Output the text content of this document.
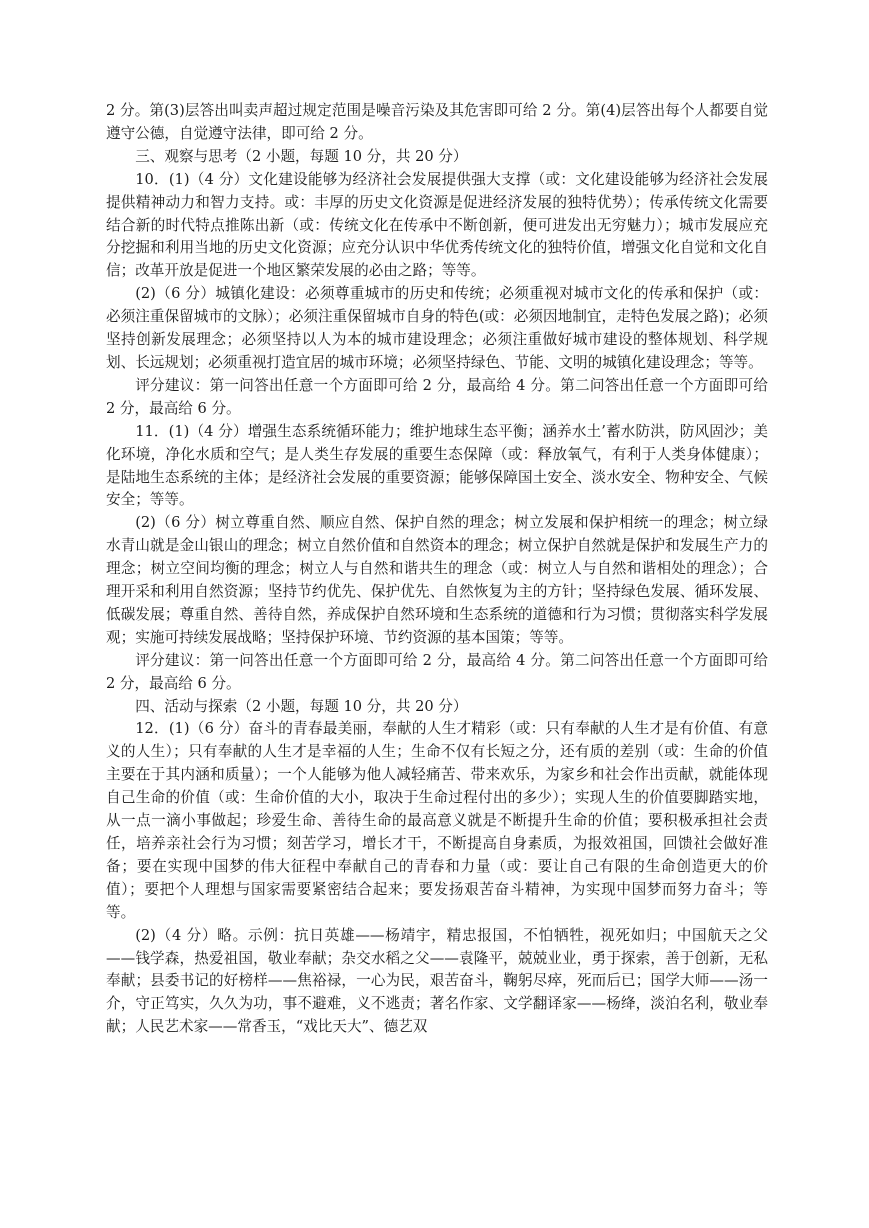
2 分。第(3)层答出叫卖声超过规定范围是噪音污染及其危害即可给 2 分。第(4)层答出每个人都要自觉遵守公德，自觉遵守法律，即可给 2 分。

三、观察与思考（2 小题，每题 10 分，共 20 分）

10．(1)（4 分）文化建设能够为经济社会发展提供强大支撑（或：文化建设能够为经济社会发展提供精神动力和智力支持。或：丰厚的历史文化资源是促进经济发展的独特优势）；传承传统文化需要结合新的时代特点推陈出新（或：传统文化在传承中不断创新，便可进发出无穷魅力）；城市发展应充分挖掘和利用当地的历史文化资源；应充分认识中华优秀传统文化的独特价值，增强文化自觉和文化自信；改革开放是促进一个地区繁荣发展的必由之路；等等。

(2)（6 分）城镇化建设：必须尊重城市的历史和传统；必须重视对城市文化的传承和保护（或：必须注重保留城市的文脉）；必须注重保留城市自身的特色(或：必须因地制宜，走特色发展之路)；必须坚持创新发展理念；必须坚持以人为本的城市建设理念；必须注重做好城市建设的整体规划、科学规划、长远规划；必须重视打造宜居的城市环境；必须坚持绿色、节能、文明的城镇化建设理念；等等。

评分建议：第一问答出任意一个方面即可给 2 分，最高给 4 分。第二问答出任意一个方面即可给 2 分，最高给 6 分。

11．(1)（4 分）增强生态系统循环能力；维护地球生态平衡；涵养水土’蓄水防洪，防风固沙；美化环境，净化水质和空气；是人类生存发展的重要生态保障（或：释放氧气，有利于人类身体健康）；是陆地生态系统的主体；是经济社会发展的重要资源；能够保障国土安全、淡水安全、物种安全、气候安全；等等。

(2)（6 分）树立尊重自然、顺应自然、保护自然的理念；树立发展和保护相统一的理念；树立绿水青山就是金山银山的理念；树立自然价值和自然资本的理念；树立保护自然就是保护和发展生产力的理念；树立空间均衡的理念；树立人与自然和谐共生的理念（或：树立人与自然和谐相处的理念）；合理开采和利用自然资源；坚持节约优先、保护优先、自然恢复为主的方针；坚持绿色发展、循环发展、低碳发展；尊重自然、善待自然，养成保护自然环境和生态系统的道德和行为习惯；贯彻落实科学发展观；实施可持续发展战略；坚持保护环境、节约资源的基本国策；等等。

评分建议：第一问答出任意一个方面即可给 2 分，最高给 4 分。第二问答出任意一个方面即可给 2 分，最高给 6 分。

四、活动与探索（2 小题，每题 10 分，共 20 分）

12．(1)（6 分）奋斗的青春最美丽，奉献的人生才精彩（或：只有奉献的人生才是有价值、有意义的人生）；只有奉献的人生才是幸福的人生；生命不仅有长短之分，还有质的差别（或：生命的价值主要在于其内涵和质量）；一个人能够为他人减轻痛苦、带来欢乐，为家乡和社会作出贡献，就能体现自己生命的价值（或：生命价值的大小，取决于生命过程付出的多少）；实现人生的价值要脚踏实地，从一点一滴小事做起；珍爱生命、善待生命的最高意义就是不断提升生命的价值；要积极承担社会责任，培养亲社会行为习惯；刻苦学习，增长才干，不断提高自身素质，为报效祖国，回馈社会做好准备；要在实现中国梦的伟大征程中奉献自己的青春和力量（或：要让自己有限的生命创造更大的价值）；要把个人理想与国家需要紧密结合起来；要发扬艰苦奋斗精神，为实现中国梦而努力奋斗；等等。

(2)（4 分）略。示例：抗日英雄——杨靖宇，精忠报国，不怕牺牲，视死如归；中国航天之父——钱学森，热爱祖国，敬业奉献；杂交水稻之父——袁隆平，兢兢业业，勇于探索，善于创新，无私奉献；县委书记的好榜样——焦裕禄，一心为民，艰苦奋斗，鞠躬尽瘁，死而后已；国学大师——汤一介，守正笃实，久久为功，事不避难，义不逃责；著名作家、文学翻译家——杨绛，淡泊名利，敬业奉献；人民艺术家——常香玉，“戏比天大”、德艺双
